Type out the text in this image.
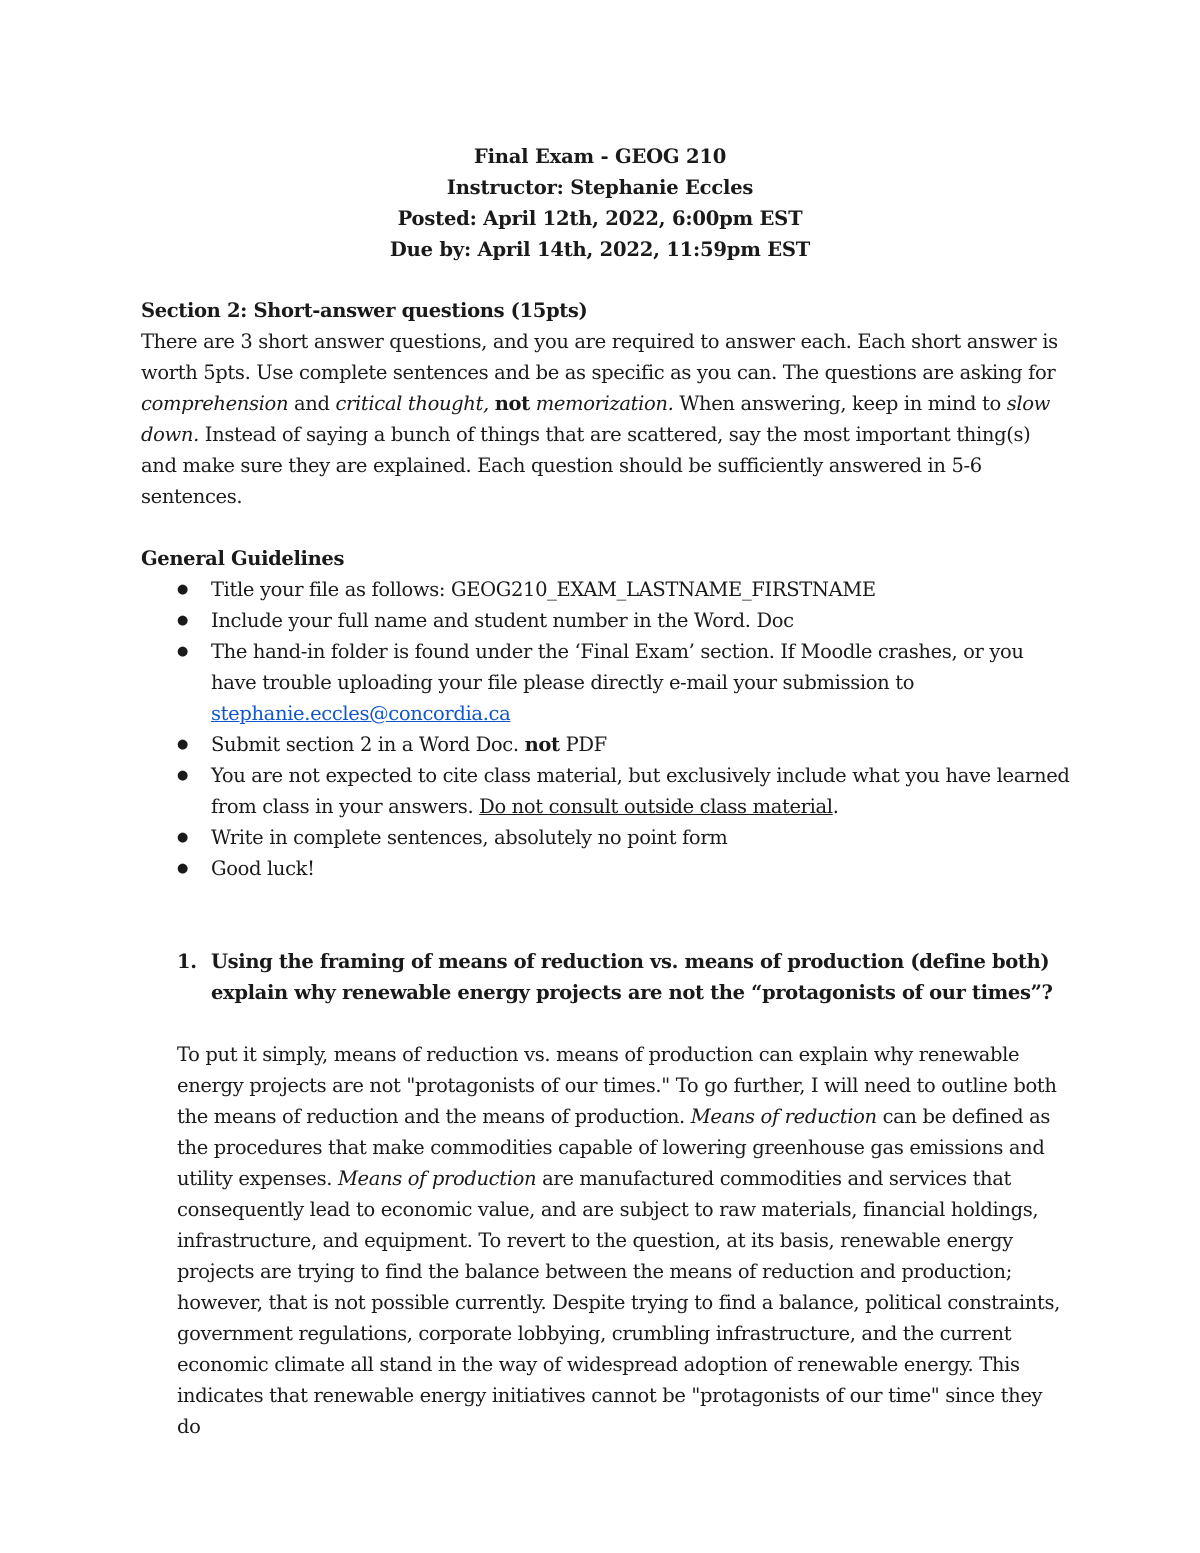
Final Exam - GEOG 210
Instructor: Stephanie Eccles
Posted: April 12th, 2022, 6:00pm EST
Due by: April 14th, 2022, 11:59pm EST
Section 2: Short-answer questions (15pts)

There are 3 short answer questions, and you are required to answer each. Each short answer is worth 5pts. Use complete sentences and be as specific as you can. The questions are asking for comprehension and critical thought, not memorization. When answering, keep in mind to slow down. Instead of saying a bunch of things that are scattered, say the most important thing(s) and make sure they are explained. Each question should be sufficiently answered in 5-6 sentences.

General Guidelines
● Title your file as follows: GEOG210_EXAM_LASTNAME_FIRSTNAME
● Include your full name and student number in the Word. Doc
● The hand-in folder is found under the ‘Final Exam’ section. If Moodle crashes, or you have trouble uploading your file please directly e-mail your submission to stephanie.eccles@concordia.ca
● Submit section 2 in a Word Doc. not PDF
● You are not expected to cite class material, but exclusively include what you have learned from class in your answers. Do not consult outside class material.
● Write in complete sentences, absolutely no point form
● Good luck!
1. Using the framing of means of reduction vs. means of production (define both) explain why renewable energy projects are not the “protagonists of our times”?

To put it simply, means of reduction vs. means of production can explain why renewable energy projects are not "protagonists of our times." To go further, I will need to outline both the means of reduction and the means of production. Means of reduction can be defined as the procedures that make commodities capable of lowering greenhouse gas emissions and utility expenses. Means of production are manufactured commodities and services that consequently lead to economic value, and are subject to raw materials, financial holdings, infrastructure, and equipment. To revert to the question, at its basis, renewable energy projects are trying to find the balance between the means of reduction and production; however, that is not possible currently. Despite trying to find a balance, political constraints, government regulations, corporate lobbying, crumbling infrastructure, and the current economic climate all stand in the way of widespread adoption of renewable energy. This indicates that renewable energy initiatives cannot be "protagonists of our time" since they do
